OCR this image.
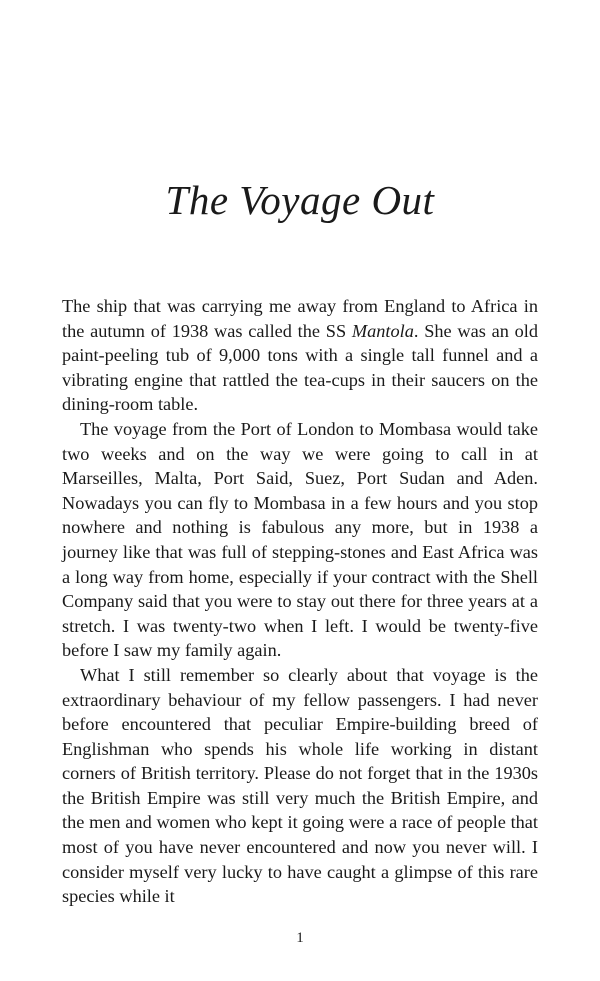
The Voyage Out

The ship that was carrying me away from England to Africa in the autumn of 1938 was called the SS Mantola. She was an old paint-peeling tub of 9,000 tons with a single tall funnel and a vibrating engine that rattled the tea-cups in their saucers on the dining-room table.

The voyage from the Port of London to Mombasa would take two weeks and on the way we were going to call in at Marseilles, Malta, Port Said, Suez, Port Sudan and Aden. Nowadays you can fly to Mombasa in a few hours and you stop nowhere and nothing is fabulous any more, but in 1938 a journey like that was full of stepping-stones and East Africa was a long way from home, especially if your contract with the Shell Company said that you were to stay out there for three years at a stretch. I was twenty-two when I left. I would be twenty-five before I saw my family again.

What I still remember so clearly about that voyage is the extraordinary behaviour of my fellow passengers. I had never before encountered that peculiar Empire-building breed of Englishman who spends his whole life working in distant corners of British territory. Please do not forget that in the 1930s the British Empire was still very much the British Empire, and the men and women who kept it going were a race of people that most of you have never encountered and now you never will. I consider myself very lucky to have caught a glimpse of this rare species while it

1
